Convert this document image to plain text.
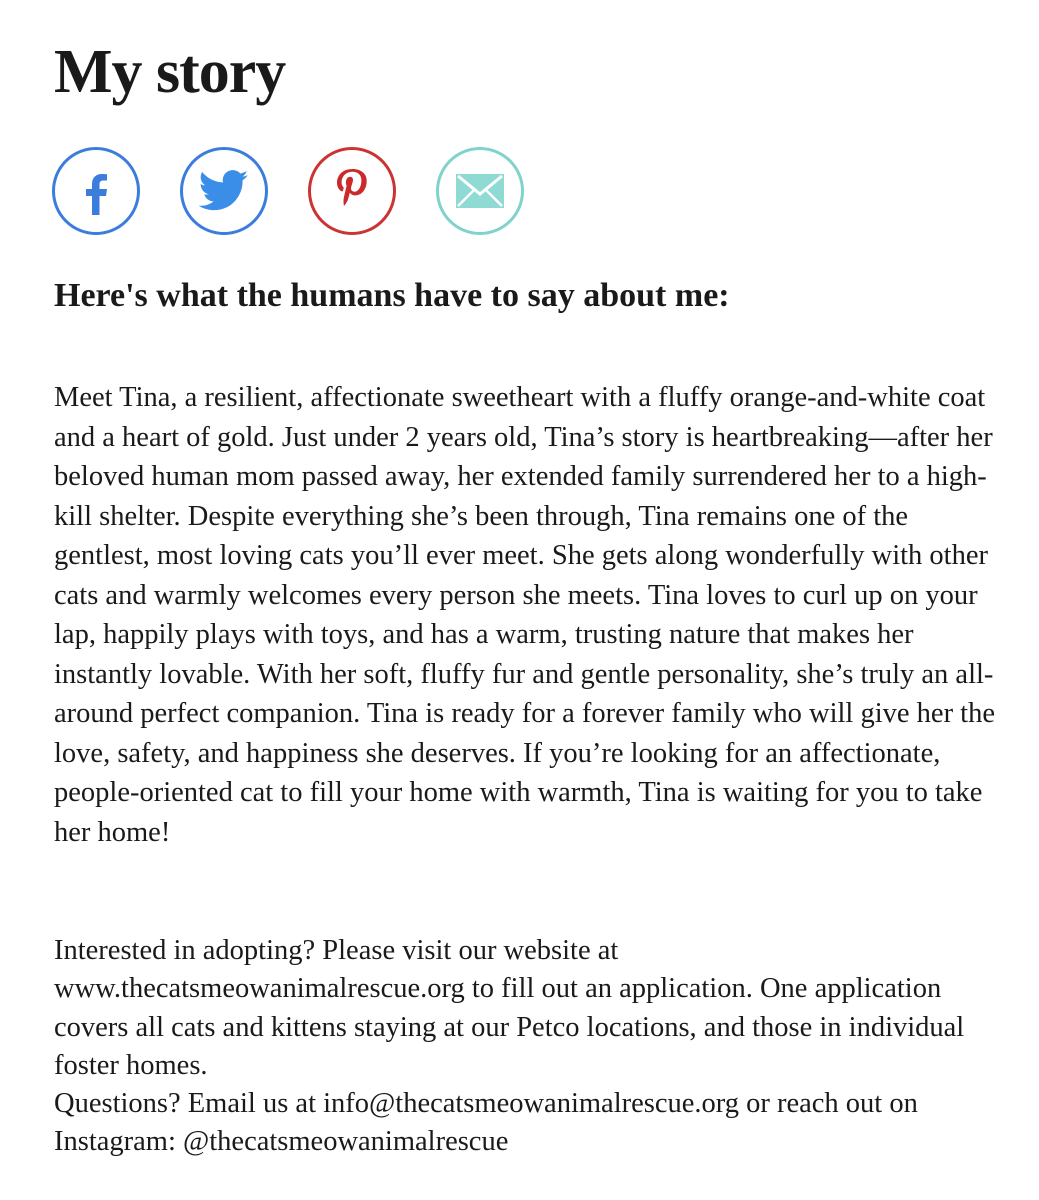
My story
Here's what the humans have to say about me:

Meet Tina, a resilient, affectionate sweetheart with a fluffy orange-and-white coat and a heart of gold. Just under 2 years old, Tina’s story is heartbreaking—after her beloved human mom passed away, her extended family surrendered her to a high-kill shelter. Despite everything she’s been through, Tina remains one of the gentlest, most loving cats you’ll ever meet. She gets along wonderfully with other cats and warmly welcomes every person she meets. Tina loves to curl up on your lap, happily plays with toys, and has a warm, trusting nature that makes her instantly lovable. With her soft, fluffy fur and gentle personality, she’s truly an all-around perfect companion. Tina is ready for a forever family who will give her the love, safety, and happiness she deserves. If you’re looking for an affectionate, people-oriented cat to fill your home with warmth, Tina is waiting for you to take her home!

Interested in adopting? Please visit our website at www.thecatsmeowanimalrescue.org to fill out an application. One application covers all cats and kittens staying at our Petco locations, and those in individual foster homes.

Questions? Email us at info@thecatsmeowanimalrescue.org or reach out on Instagram: @thecatsmeowanimalrescue
